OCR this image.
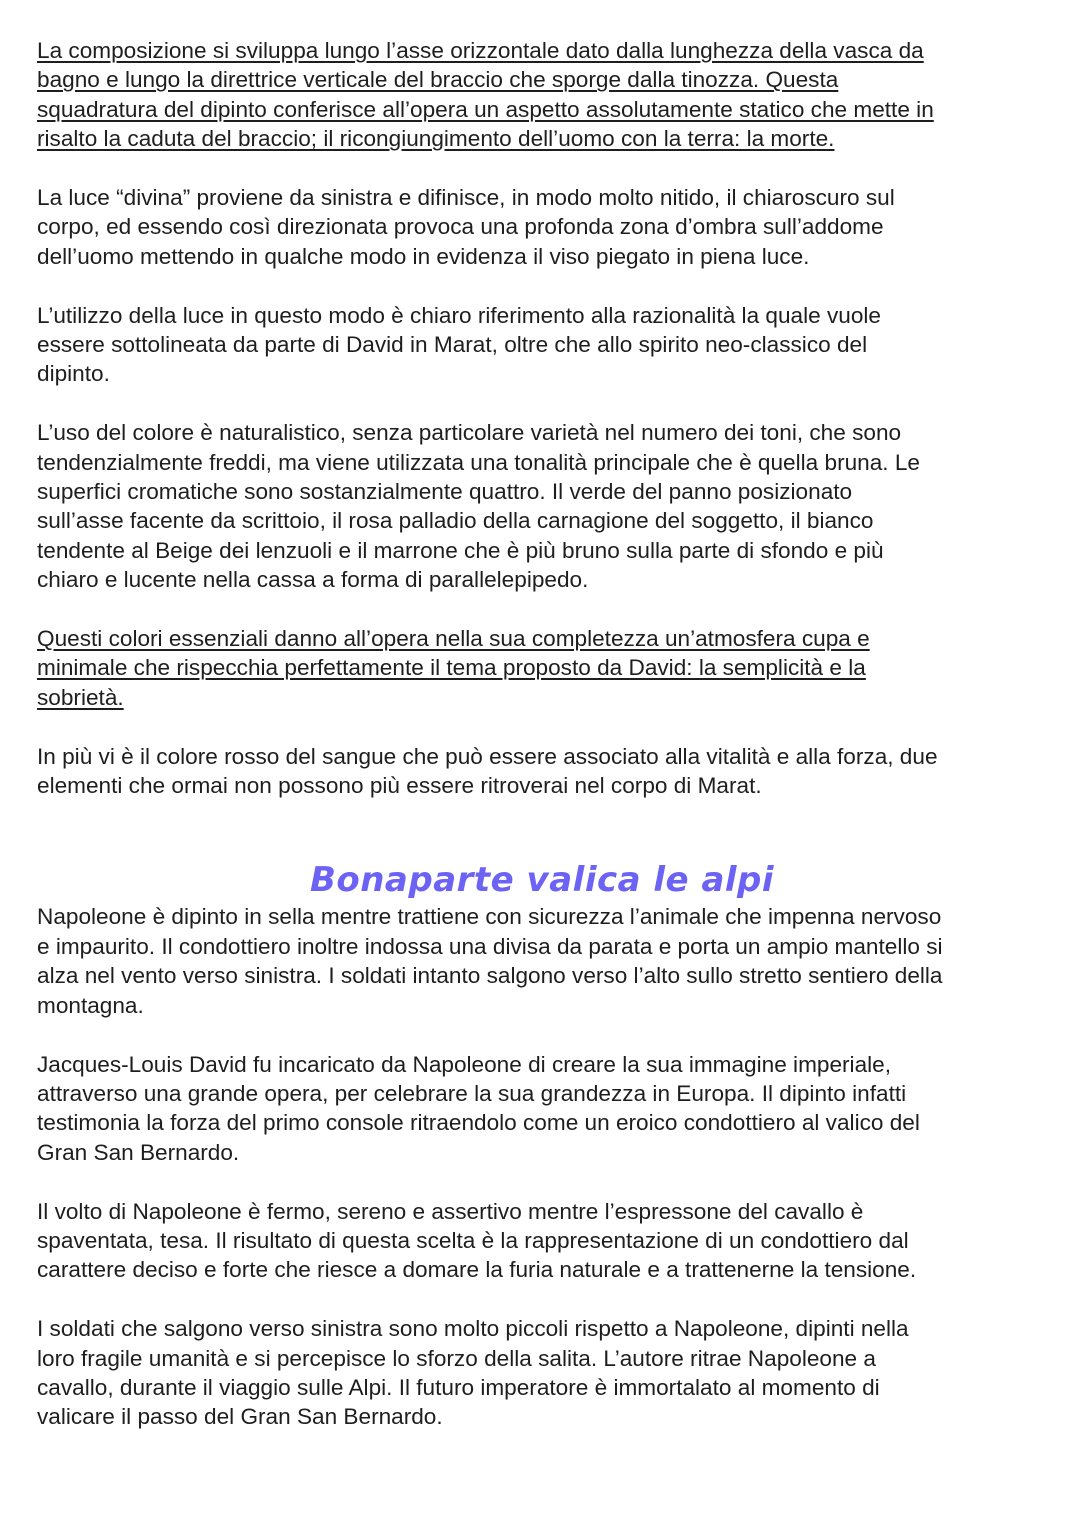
La composizione si sviluppa lungo l’asse orizzontale dato dalla lunghezza della vasca da
bagno e lungo la direttrice verticale del braccio che sporge dalla tinozza. Questa
squadratura del dipinto conferisce all’opera un aspetto assolutamente statico che mette in
risalto la caduta del braccio; il ricongiungimento dell’uomo con la terra: la morte.

La luce “divina” proviene da sinistra e difinisce, in modo molto nitido, il chiaroscuro sul
corpo, ed essendo così direzionata provoca una profonda zona d’ombra sull’addome
dell’uomo mettendo in qualche modo in evidenza il viso piegato in piena luce.

L’utilizzo della luce in questo modo è chiaro riferimento alla razionalità la quale vuole
essere sottolineata da parte di David in Marat, oltre che allo spirito neo-classico del
dipinto.

L’uso del colore è naturalistico, senza particolare varietà nel numero dei toni, che sono
tendenzialmente freddi, ma viene utilizzata una tonalità principale che è quella bruna. Le
superfici cromatiche sono sostanzialmente quattro. Il verde del panno posizionato
sull’asse facente da scrittoio, il rosa palladio della carnagione del soggetto, il bianco
tendente al Beige dei lenzuoli e il marrone che è più bruno sulla parte di sfondo e più
chiaro e lucente nella cassa a forma di parallelepipedo.

Questi colori essenziali danno all’opera nella sua completezza un’atmosfera cupa e
minimale che rispecchia perfettamente il tema proposto da David: la semplicità e la
sobrietà.

In più vi è il colore rosso del sangue che può essere associato alla vitalità e alla forza, due
elementi che ormai non possono più essere ritroverai nel corpo di Marat.

Bonaparte valica le alpi

Napoleone è dipinto in sella mentre trattiene con sicurezza l’animale che impenna nervoso
e impaurito. Il condottiero inoltre indossa una divisa da parata e porta un ampio mantello si
alza nel vento verso sinistra. I soldati intanto salgono verso l’alto sullo stretto sentiero della
montagna.

Jacques-Louis David fu incaricato da Napoleone di creare la sua immagine imperiale,
attraverso una grande opera, per celebrare la sua grandezza in Europa. Il dipinto infatti
testimonia la forza del primo console ritraendolo come un eroico condottiero al valico del
Gran San Bernardo.

Il volto di Napoleone è fermo, sereno e assertivo mentre l’espressone del cavallo è
spaventata, tesa. Il risultato di questa scelta è la rappresentazione di un condottiero dal
carattere deciso e forte che riesce a domare la furia naturale e a trattenerne la tensione.

I soldati che salgono verso sinistra sono molto piccoli rispetto a Napoleone, dipinti nella
loro fragile umanità e si percepisce lo sforzo della salita. L’autore ritrae Napoleone a
cavallo, durante il viaggio sulle Alpi. Il futuro imperatore è immortalato al momento di
valicare il passo del Gran San Bernardo.
